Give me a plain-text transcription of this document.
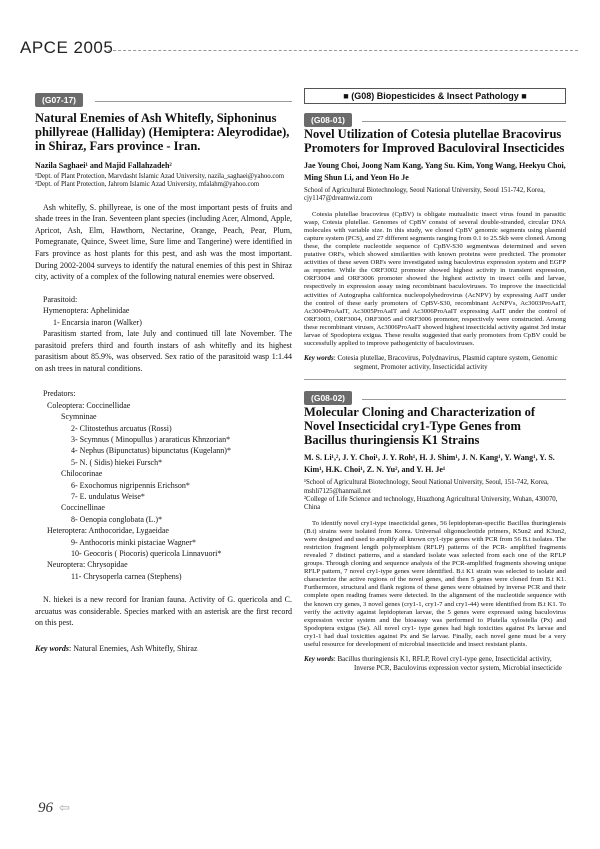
APCE 2005
(G07-17)
Natural Enemies of Ash Whitefly, Siphoninus phillyreae (Halliday) (Hemiptera: Aleyrodidae), in Shiraz, Fars province - Iran.
Nazila Saghaei¹ and Majid Fallahzadeh²
¹Dept. of Plant Protection, Marvdasht Islamic Azad University, nazila_saghaei@yahoo.com
²Dept. of Plant Protection, Jahrom Islamic Azad University, mfalahm@yahoo.com

Ash whitefly, S. phillyreae, is one of the most important pests of fruits and shade trees in the Iran. Seventeen plant species (including Acer, Almond, Apple, Apricot, Ash, Elm, Hawthorn, Nectarine, Orange, Peach, Pear, Plum, Pomegranate, Quince, Sweet lime, Sure lime and Tangerine) were identified in Fars province as host plants for this pest, and ash was the most important. During 2002-2004 surveys to identify the natural enemies of this pest in Shiraz city, activity of a complex of the following natural enemies were observed.

Parasitoid:
Hymenoptera: Aphelinidae
1- Encarsia inaron (Walker)

Parasitism started from, late July and continued till late November. The parasitoid prefers third and fourth instars of ash whitefly and its highest parasitism about 85.9%, was observed. Sex ratio of the parasitoid wasp 1:1.44 on ash trees in natural conditions.

Predators:
Coleoptera: Coccinellidae
Scymninae
2- Clitostethus arcuatus (Rossi)
3- Scymnus ( Minopullus ) araraticus Khnzorian*
4- Nephus (Bipunctatus) bipunctatus (Kugelann)*
5- N. ( Sidis) hiekei Fursch*
Chilocorinae
6- Exochomus nigripennis Erichson*
7- E. undulatus Weise*
Coccinellinae
8- Oenopia conglobata (L.)*
Heteroptera: Anthocoridae, Lygaeidae
9- Anthocoris minki pistaciae Wagner*
10- Geocoris ( Piocoris) quericola Linnavuori*
Neuroptera: Chrysopidae
11- Chrysoperla carnea (Stephens)

N. hiekei is a new record for Iranian fauna. Activity of G. quericola and C. arcuatus was considerable. Species marked with an asterisk are the first record on this pest.

Key words: Natural Enemies, Ash Whitefly, Shiraz
■ (G08) Biopesticides & Insect Pathology ■
(G08-01)
Novel Utilization of Cotesia plutellae Bracovirus Promoters for Improved Baculoviral Insecticides
Jae Young Choi, Joong Nam Kang, Yang Su. Kim, Yong Wang, Heekyu Choi, Ming Shun Li, and Yeon Ho Je
School of Agricultural Biotechnology, Seoul National University, Seoul 151-742, Korea, cjy1147@dreamwiz.com
Cotesia plutellae bracovirus (CpBV) is obligate mutualistic insect virus found in parasitic wasp, Cotesia plutellae. Genomes of CpBV consist of several double-stranded, circular DNA molecules with variable size. In this study, we cloned CpBV genomic segments using plasmid capture system (PCS), and 27 different segments ranging from 0.1 to 25.5kb were cloned. Among these, the complete nucleotide sequence of CpBV-S30 segmentwas determined and seven putative ORFs, which showed similarities with known proteins were predicted. The promoter activities of these seven ORFs were investigated using baculovirus expression system and EGFP as reporter. While the ORF3002 promoter showed highest activity in transient expression, ORF3004 and ORF3006 promoter showed the highest activity in insect cells and larvae, respectively in expression assay using recombinant baculoviruses. To improve the insecticidal activities of Autographa californica nucleopolyhedrovirus (AcNPV) by expressing AaIT under the control of these early promoters of CpBV-S30, recombinant AcNPVs, Ac3003ProAaIT, Ac3004ProAaIT, Ac3005ProAaIT and Ac3006ProAaIT expressing AaIT under the control of ORF3003, ORF3004, ORF3005 and ORF3006 promoter, respectively were constructed. Among these recombinant viruses, Ac3006ProAaIT showed highest insecticidal activity against 3rd instar larvae of Spodoptera exigua. These results suggested that early promoters from CpBV could be successfully applied to improve pathogenicity of baculoviruses.
Key words: Cotesia plutellae, Bracovirus, Polydnavirus, Plasmid capture system, Genomic segment, Promoter activity, Insecticidal activity
(G08-02)
Molecular Cloning and Characterization of Novel Insecticidal cry1-Type Genes from Bacillus thuringiensis K1 Strains
M. S. Li¹,², J. Y. Choi¹, J. Y. Roh¹, H. J. Shim¹, J. N. Kang¹, Y. Wang¹, Y. S. Kim¹, H.K. Choi¹, Z. N. Yu², and Y. H. Je¹
¹School of Agricultural Biotechnology, Seoul National University, Seoul, 151-742, Korea, mshli7125@hanmail.net
²College of Life Science and technology, Huazhong Agricultural University, Wuhan, 430070, China
To identify novel cry1-type insecticidal genes, 56 lepidopteran-specific Bacillus thuringiensis (B.t) strains were isolated from Korea. Universal oligonucleotide primers, K5un2 and K3un2, were designed and used to amplify all known cry1-type genes with PCR from 56 B.t isolates. The restriction fragment length polymorphism (RFLP) patterns of the PCR- amplified fragments revealed 7 distinct patterns, and a standard isolate was selected from each one of the RFLP groups. Through cloning and sequence analysis of the PCR-amplified fragments showing unique RFLP pattern, 7 novel cry1-type genes were identified. B.t K1 strain was selected to isolate and characterize the active regions of the novel genes, and then 5 genes were cloned from B.t K1. Furthermore, structural and flank regions of these genes were obtained by inverse PCR and their complete open reading frames were detected. In the alignment of the nucleotide sequence with the known cry genes, 3 novel genes (cry1-1, cry1-7 and cry1-44) were identified from B.t K1. To verify the activity against lepidopteran larvae, the 5 genes were expressed using baculovirus expression vector system and the bioassay was performed to Plutella xylostella (Px) and Spodoptera exigua (Se). All novel cry1- type genes had high toxicities against Px larvae and cry1-1 had dual toxicities against Px and Se larvae. Finally, each novel gene must be a very useful resource for development of microbial insecticide and insect resistant plants.
Key words: Bacillus thuringiensis K1, RFLP, Rovel cry1-type gene, Insecticidal activity, Inverse PCR, Baculovirus expression vector system, Microbial insecticide
96 ⇦
